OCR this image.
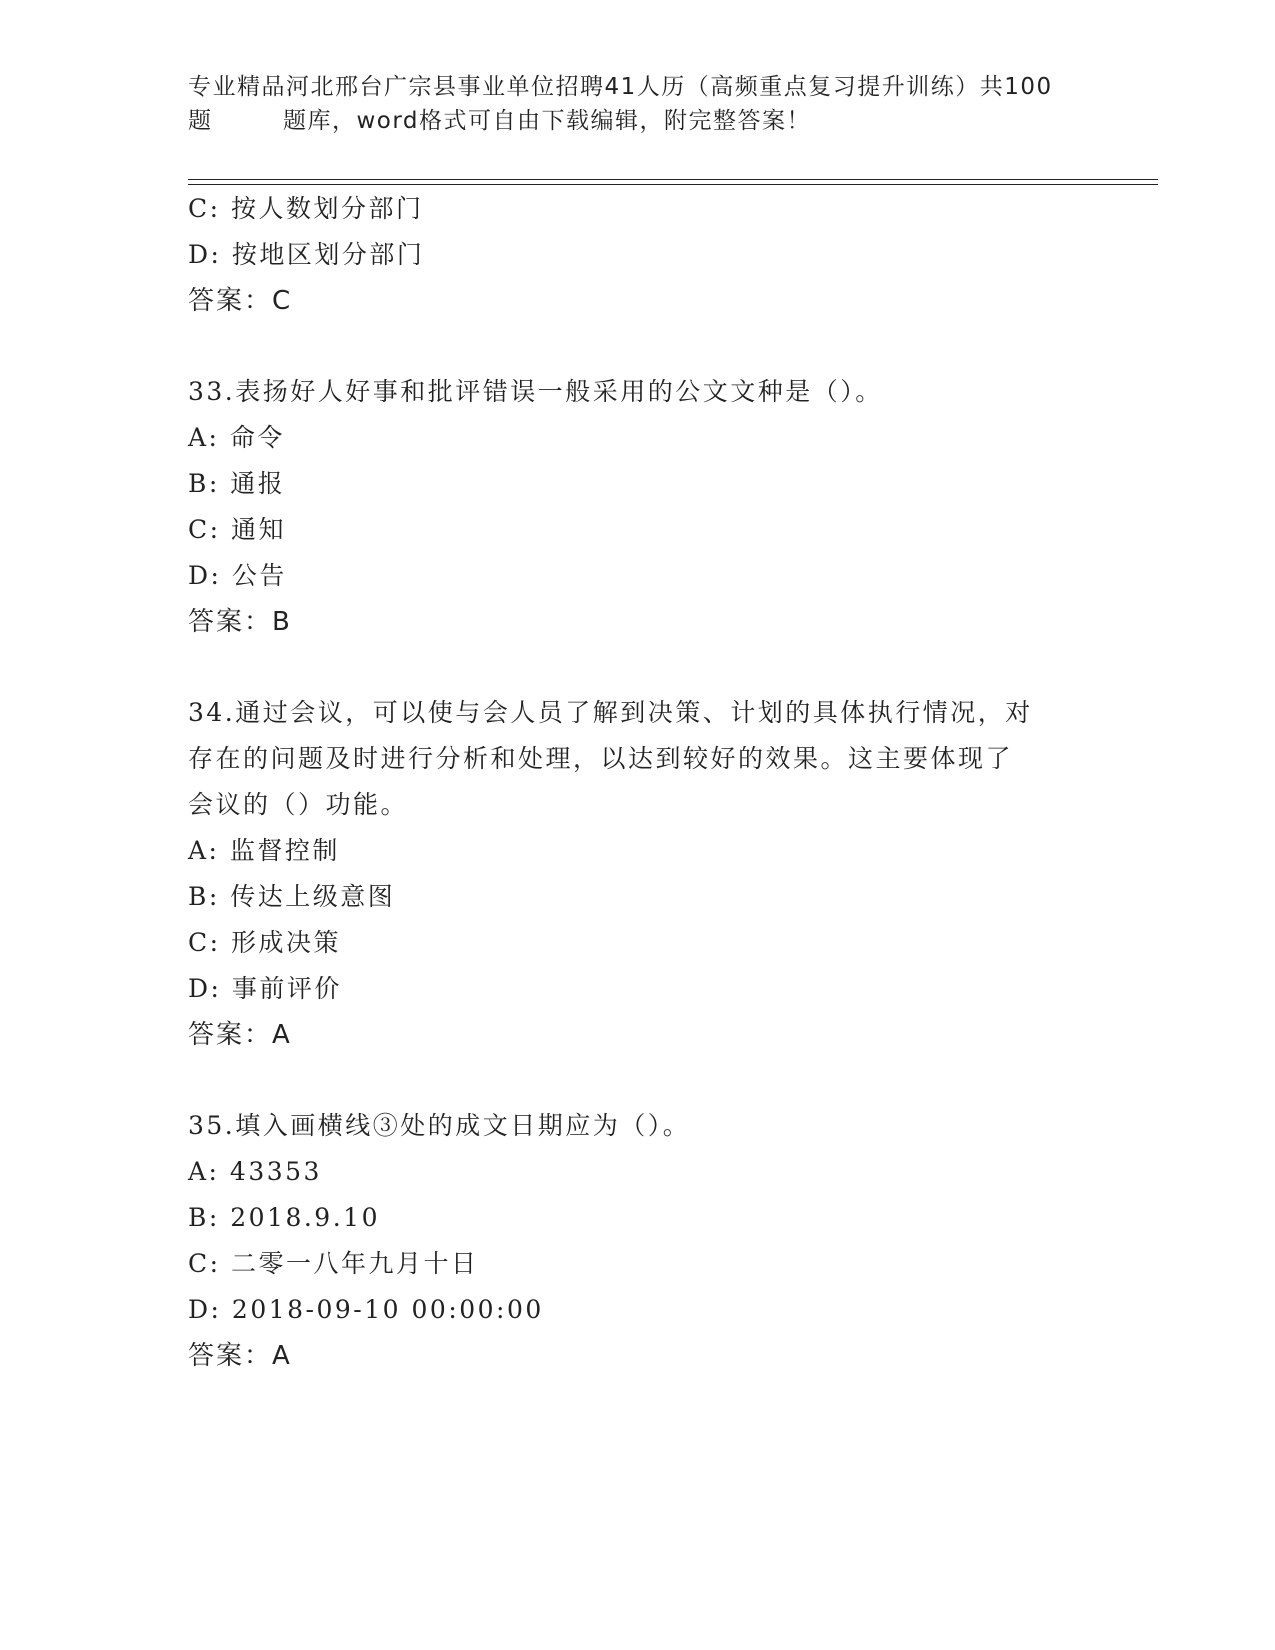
专业精品河北邢台广宗县事业单位招聘41人历（高频重点复习提升训练）共100
题        题库，word格式可自由下载编辑，附完整答案！
C: 按人数划分部门
D: 按地区划分部门
答案：C
33.表扬好人好事和批评错误一般采用的公文文种是（）。
A: 命令
B: 通报
C: 通知
D: 公告
答案：B
34.通过会议，可以使与会人员了解到决策、计划的具体执行情况，对
存在的问题及时进行分析和处理，以达到较好的效果。这主要体现了
会议的（）功能。
A: 监督控制
B: 传达上级意图
C: 形成决策
D: 事前评价
答案：A
35.填入画横线③处的成文日期应为（）。
A: 43353
B: 2018.9.10
C: 二零一八年九月十日
D: 2018-09-10 00:00:00
答案：A
